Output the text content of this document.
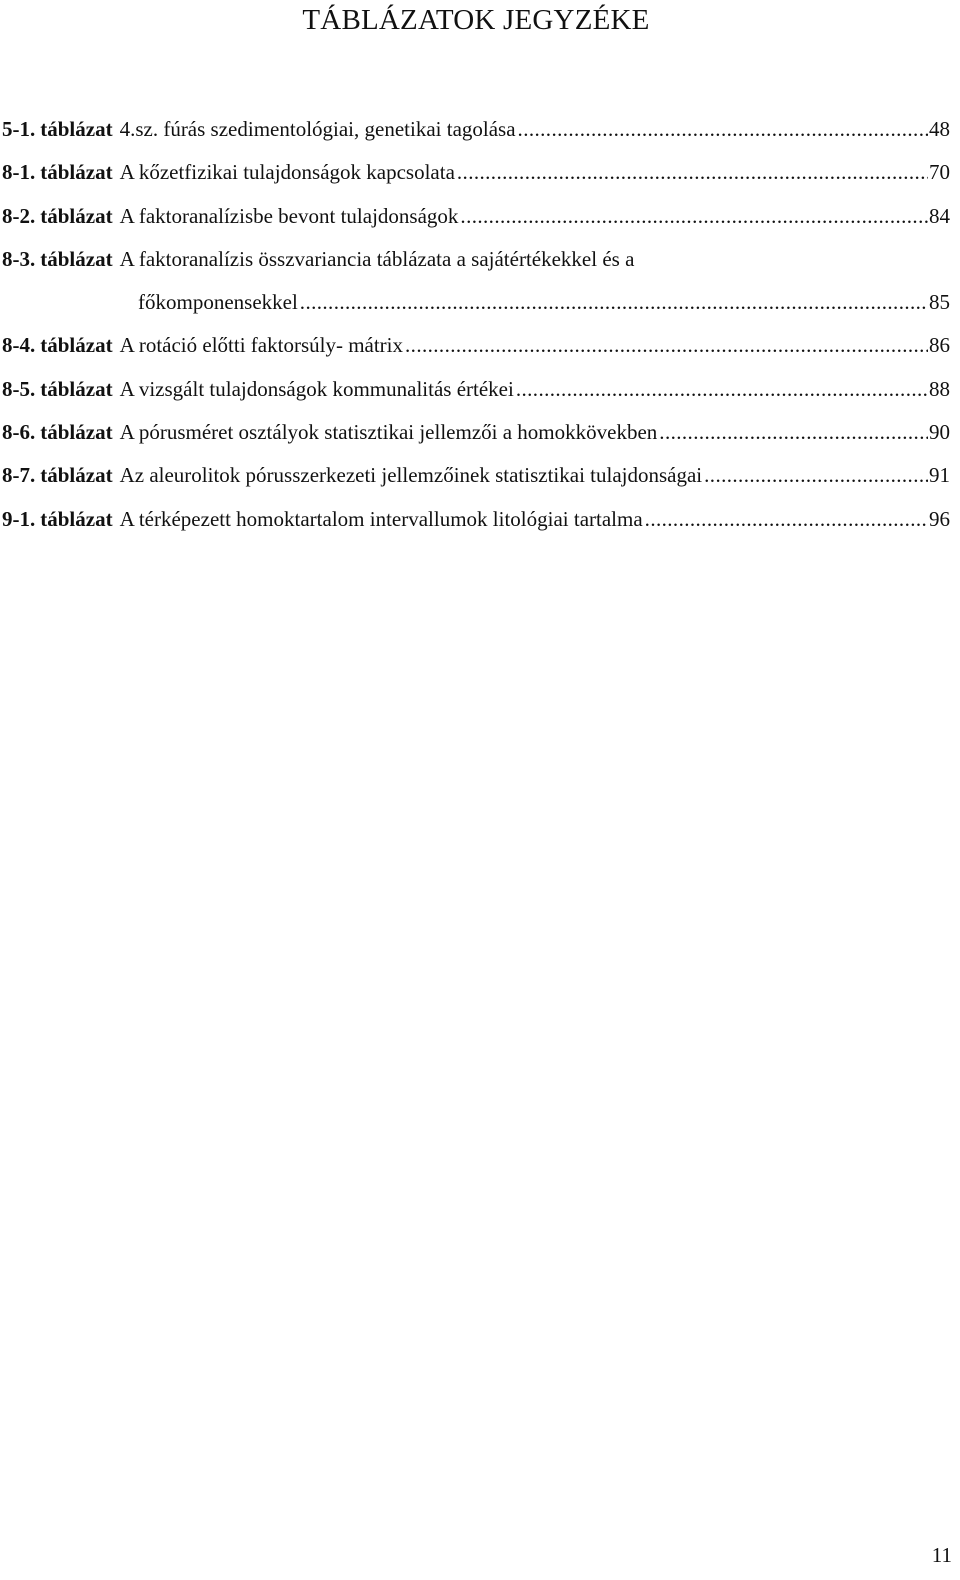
TÁBLÁZATOK JEGYZÉKE
5-1. táblázat 4.sz. fúrás szedimentológiai, genetikai tagolása .....	48
8-1. táblázat A kőzetfizikai tulajdonságok kapcsolata .....	70
8-2. táblázat A faktoranalízisbe bevont tulajdonságok .....	84
8-3. táblázat A faktoranalízis összvariancia táblázata a sajátértékekkel és a
főkomponensekkel .....	85
8-4. táblázat A rotáció előtti faktorsúly- mátrix .....	86
8-5. táblázat A vizsgált tulajdonságok kommunalitás értékei .....	88
8-6. táblázat A pórusméret osztályok statisztikai jellemzői a homokkövekben .....	90
8-7. táblázat Az aleurolitok pórusszerkezeti jellemzőinek statisztikai tulajdonságai .....	91
9-1. táblázat A térképezett homoktartalom intervallumok litológiai tartalma .....	96
11
